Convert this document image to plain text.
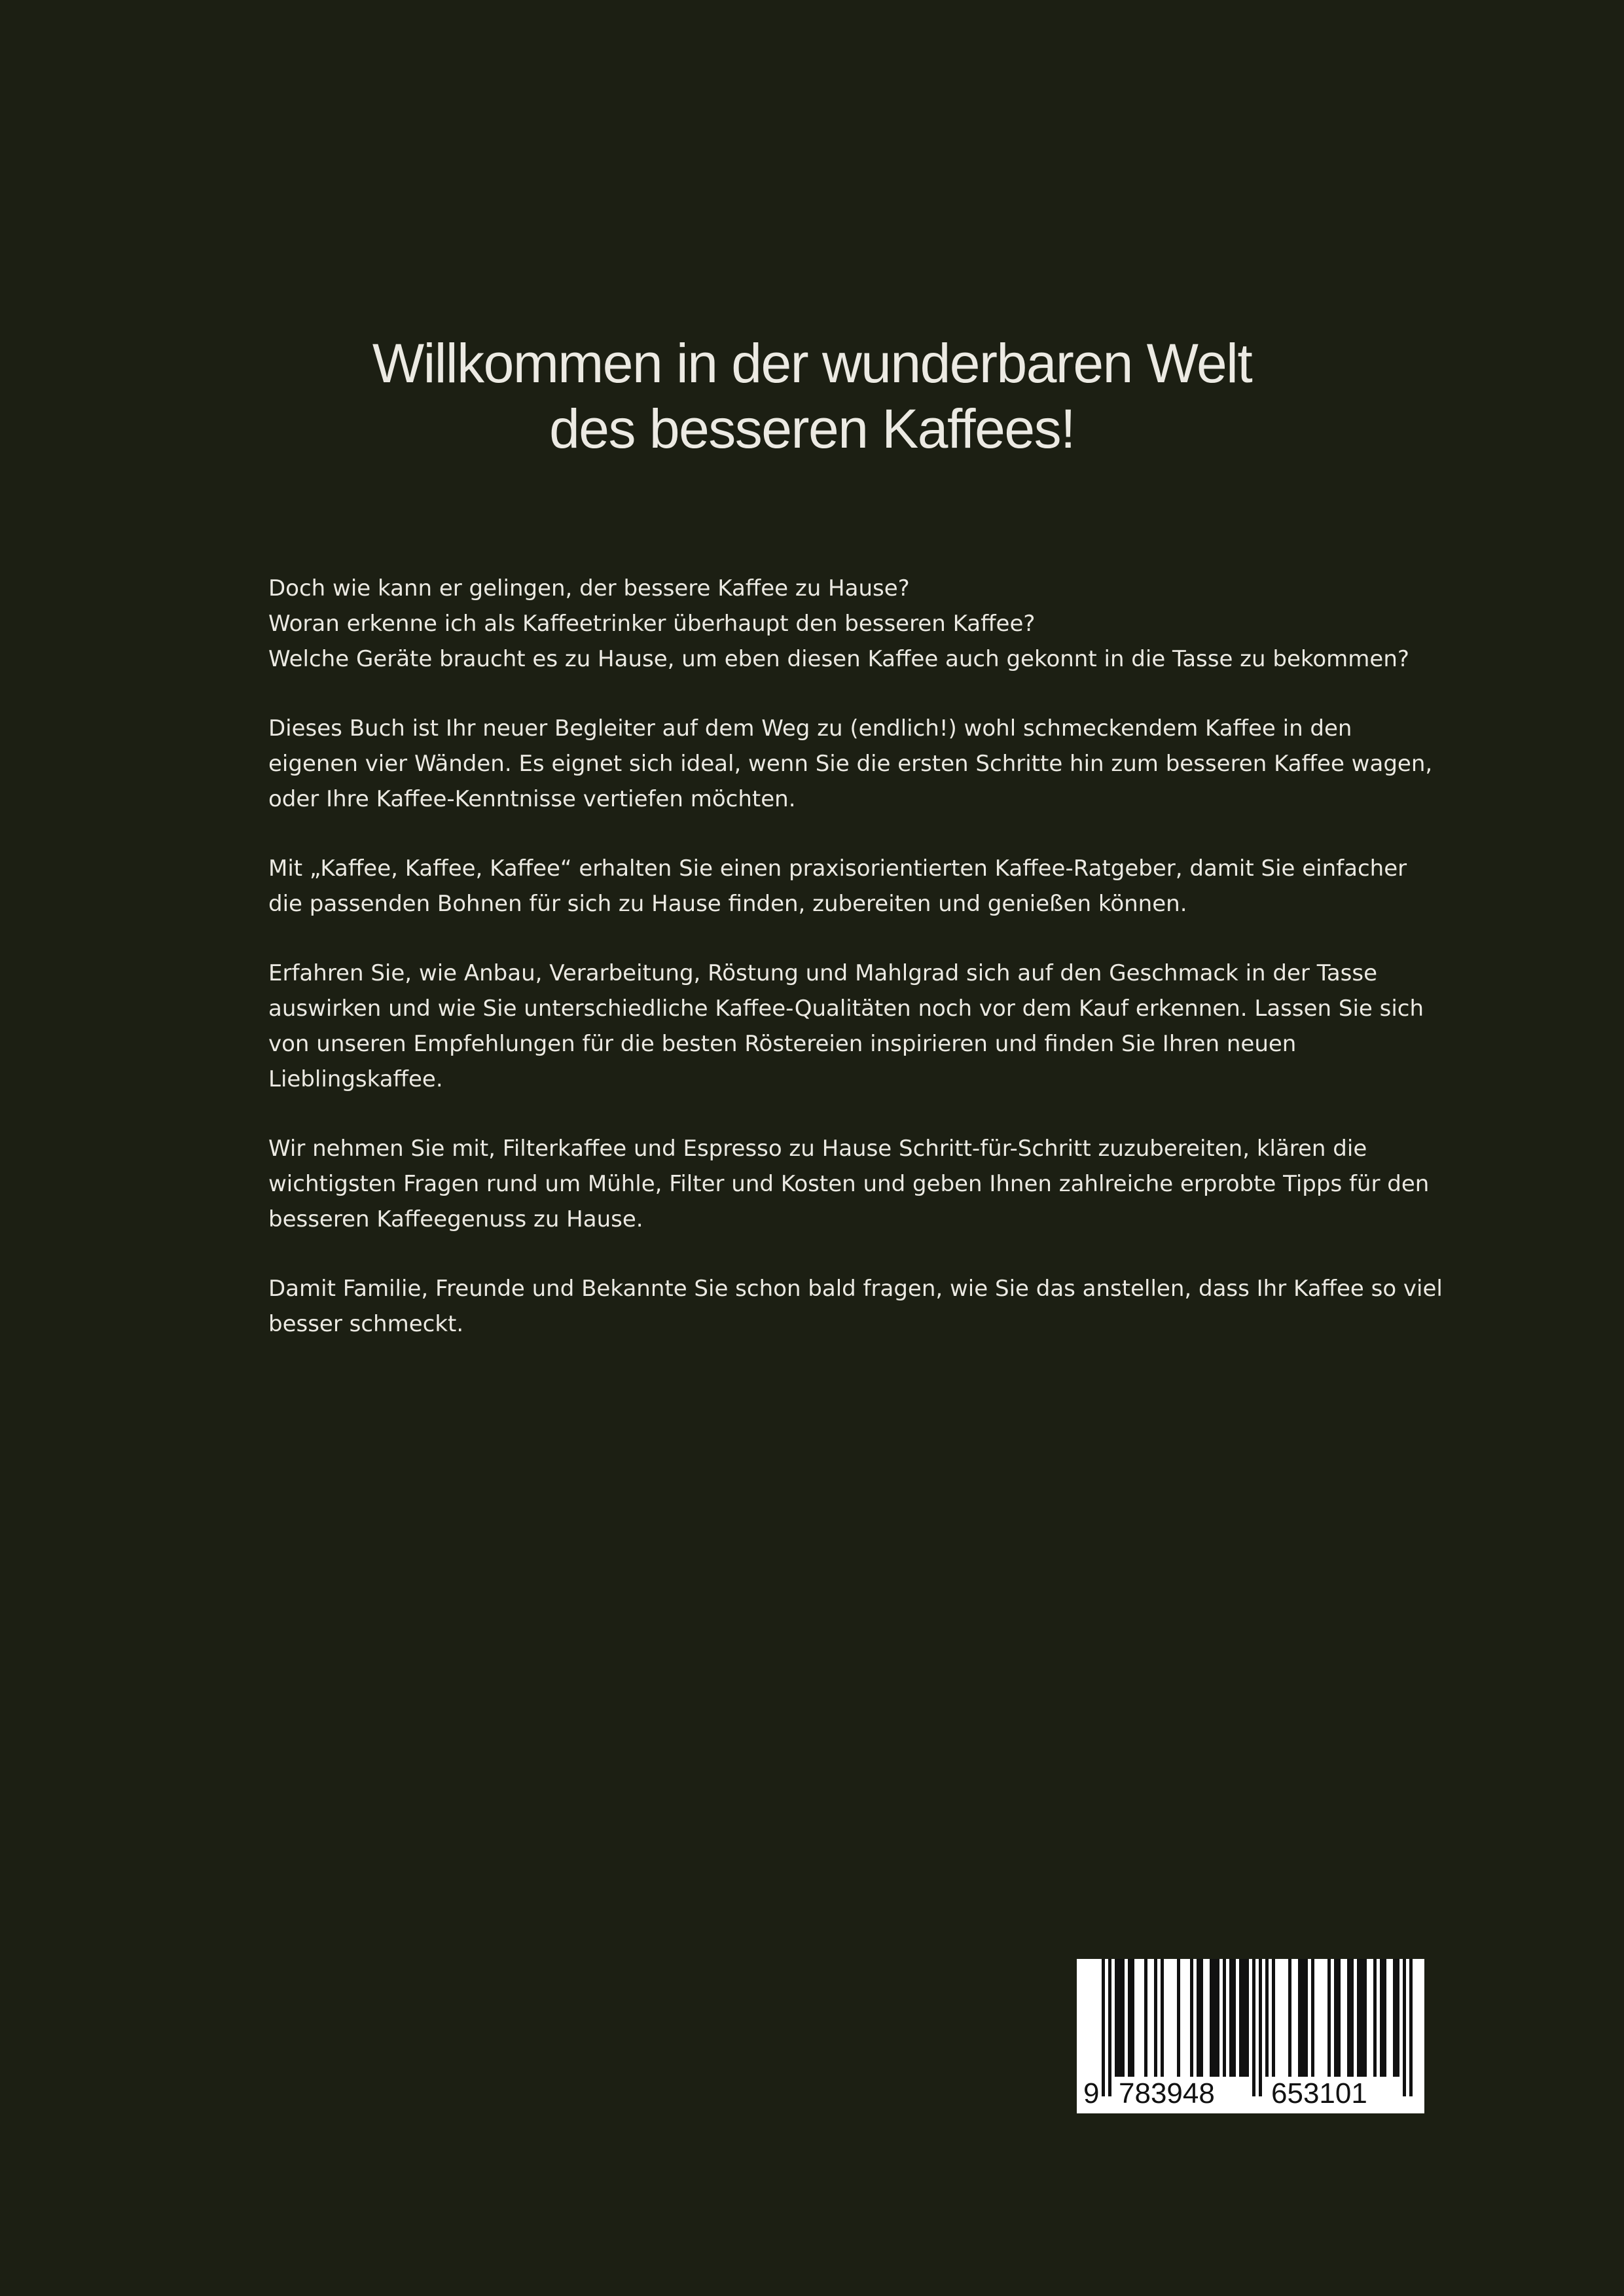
Willkommen in der wunderbaren Welt
des besseren Kaffees!

Doch wie kann er gelingen, der bessere Kaffee zu Hause?
Woran erkenne ich als Kaffeetrinker überhaupt den besseren Kaffee?
Welche Geräte braucht es zu Hause, um eben diesen Kaffee auch gekonnt in die Tasse zu bekommen?

Dieses Buch ist Ihr neuer Begleiter auf dem Weg zu (endlich!) wohl schmeckendem Kaffee in den
eigenen vier Wänden. Es eignet sich ideal, wenn Sie die ersten Schritte hin zum besseren Kaffee wagen,
oder Ihre Kaffee-Kenntnisse vertiefen möchten.

Mit „Kaffee, Kaffee, Kaffee“ erhalten Sie einen praxisorientierten Kaffee-Ratgeber, damit Sie einfacher
die passenden Bohnen für sich zu Hause finden, zubereiten und genießen können.

Erfahren Sie, wie Anbau, Verarbeitung, Röstung und Mahlgrad sich auf den Geschmack in der Tasse
auswirken und wie Sie unterschiedliche Kaffee-Qualitäten noch vor dem Kauf erkennen. Lassen Sie sich
von unseren Empfehlungen für die besten Röstereien inspirieren und finden Sie Ihren neuen
Lieblingskaffee.

Wir nehmen Sie mit, Filterkaffee und Espresso zu Hause Schritt-für-Schritt zuzubereiten, klären die
wichtigsten Fragen rund um Mühle, Filter und Kosten und geben Ihnen zahlreiche erprobte Tipps für den
besseren Kaffeegenuss zu Hause.

Damit Familie, Freunde und Bekannte Sie schon bald fragen, wie Sie das anstellen, dass Ihr Kaffee so viel
besser schmeckt.

9 783948 653101
